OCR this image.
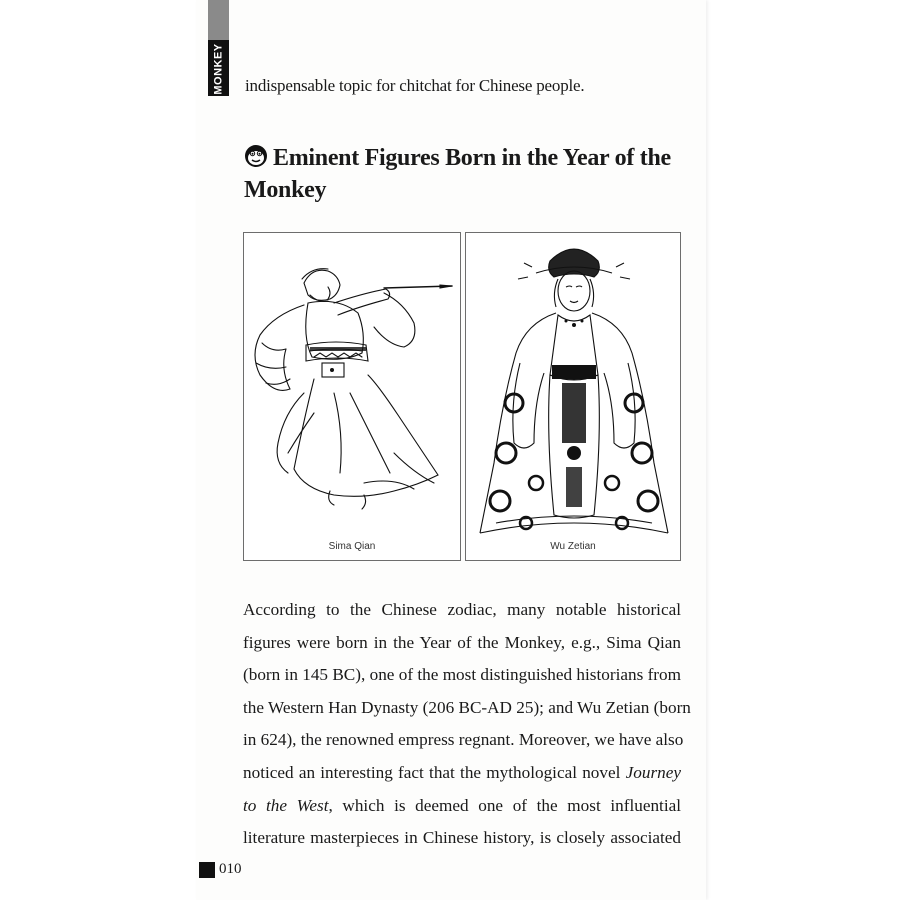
MONKEY indispensable topic for chitchat for Chinese people.
Eminent Figures Born in the Year of the Monkey
Sima Qian	Wu Zetian
According to the Chinese zodiac, many notable historical
figures were born in the Year of the Monkey, e.g., Sima Qian
(born in 145 BC), one of the most distinguished historians from
the Western Han Dynasty (206 BC-AD 25); and Wu Zetian (born
in 624), the renowned empress regnant. Moreover, we have also
noticed an interesting fact that the mythological novel Journey
to the West, which is deemed one of the most influential
literature masterpieces in Chinese history, is closely associated
010
